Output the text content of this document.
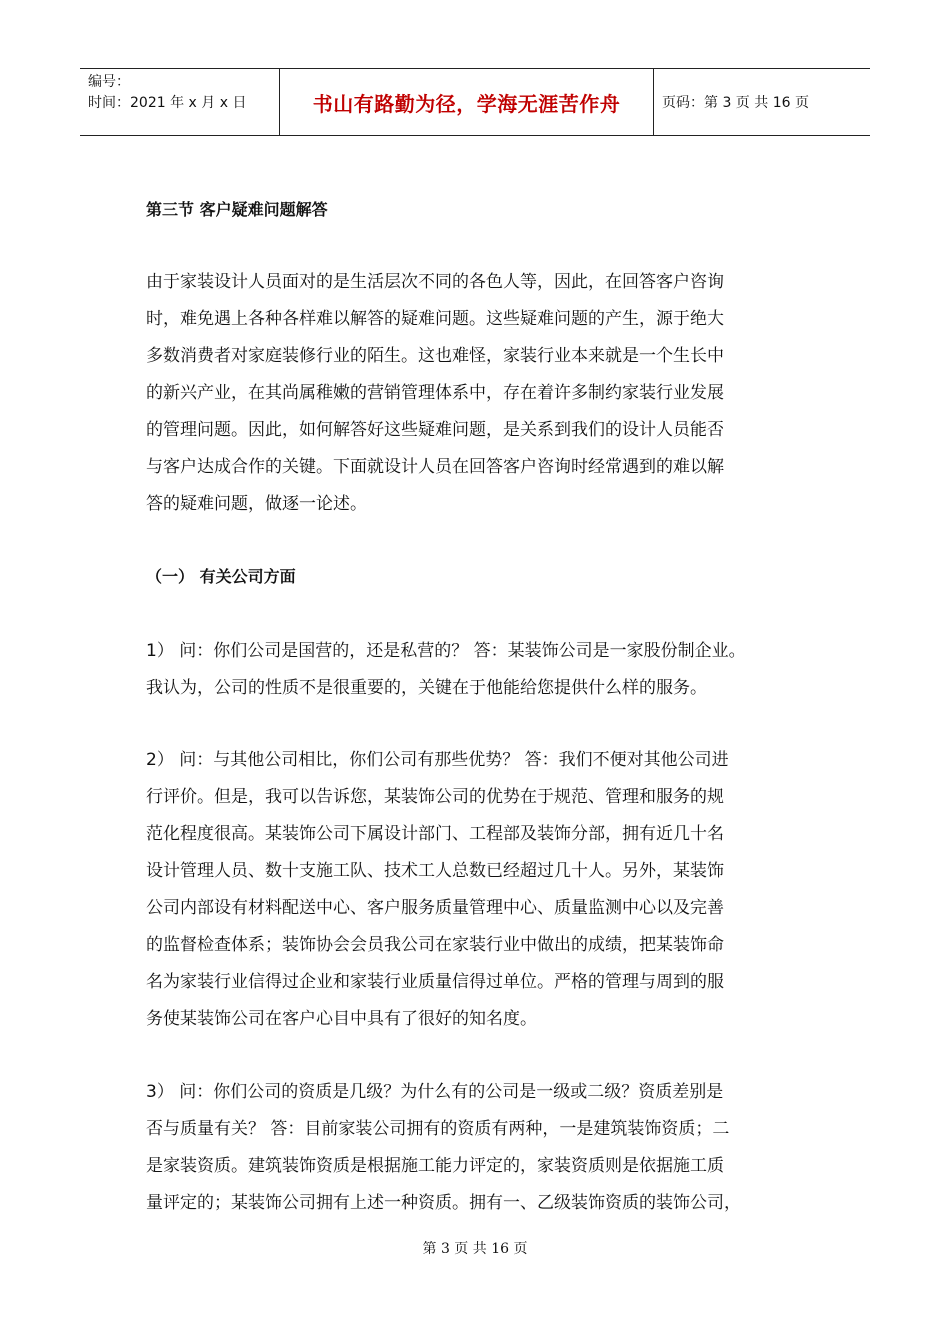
编号：
时间：2021 年 x 月 x 日	书山有路勤为径，学海无涯苦作舟	页码：第 3 页 共 16 页
第三节 客户疑难问题解答

由于家装设计人员面对的是生活层次不同的各色人等，因此，在回答客户咨询

时，难免遇上各种各样难以解答的疑难问题。这些疑难问题的产生，源于绝大

多数消费者对家庭装修行业的陌生。这也难怪，家装行业本来就是一个生长中

的新兴产业，在其尚属稚嫩的营销管理体系中，存在着许多制约家装行业发展

的管理问题。因此，如何解答好这些疑难问题，是关系到我们的设计人员能否

与客户达成合作的关键。下面就设计人员在回答客户咨询时经常遇到的难以解

答的疑难问题，做逐一论述。

（一） 有关公司方面

1） 问：你们公司是国营的，还是私营的？ 答：某装饰公司是一家股份制企业。

我认为，公司的性质不是很重要的，关键在于他能给您提供什么样的服务。

2） 问：与其他公司相比，你们公司有那些优势？ 答：我们不便对其他公司进

行评价。但是，我可以告诉您，某装饰公司的优势在于规范、管理和服务的规

范化程度很高。某装饰公司下属设计部门、工程部及装饰分部，拥有近几十名

设计管理人员、数十支施工队、技术工人总数已经超过几十人。另外，某装饰

公司内部设有材料配送中心、客户服务质量管理中心、质量监测中心以及完善

的监督检查体系；装饰协会会员我公司在家装行业中做出的成绩，把某装饰命

名为家装行业信得过企业和家装行业质量信得过单位。严格的管理与周到的服

务使某装饰公司在客户心目中具有了很好的知名度。

3） 问：你们公司的资质是几级？为什么有的公司是一级或二级？资质差别是

否与质量有关？ 答：目前家装公司拥有的资质有两种，一是建筑装饰资质；二

是家装资质。建筑装饰资质是根据施工能力评定的，家装资质则是依据施工质

量评定的；某装饰公司拥有上述一种资质。拥有一、乙级装饰资质的装饰公司，

第 3 页 共 16 页
